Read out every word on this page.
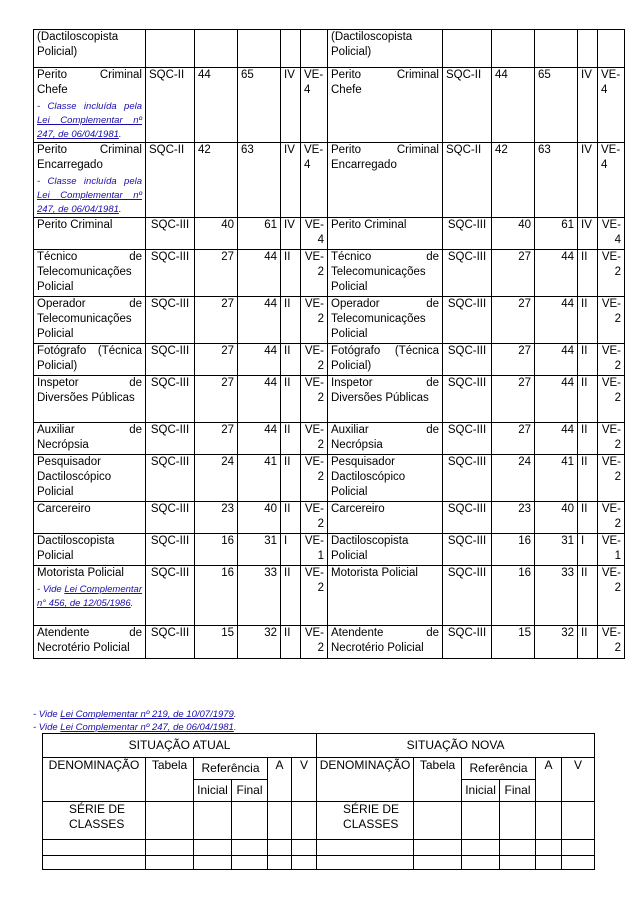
(Dactiloscopista Policial)						(Dactiloscopista Policial)					
Perito Criminal Chefe
- Classe incluída pela Lei Complementar nº 247, de 06/04/1981.	SQC-II	44	65	IV	VE-4	Perito Criminal Chefe	SQC-II	44	65	IV	VE-4
Perito Criminal Encarregado
- Classe incluída pela Lei Complementar nº 247, de 06/04/1981.	SQC-II	42	63	IV	VE-4	Perito Criminal Encarregado	SQC-II	42	63	IV	VE-4
Perito Criminal	SQC-III	40	61	IV	VE-4	Perito Criminal	SQC-III	40	61	IV	VE-4
Técnico de Telecomunicações Policial	SQC-III	27	44	II	VE-2	Técnico de Telecomunicações Policial	SQC-III	27	44	II	VE-2
Operador de Telecomunicações Policial	SQC-III	27	44	II	VE-2	Operador de Telecomunicações Policial	SQC-III	27	44	II	VE-2
Fotógrafo (Técnica Policial)	SQC-III	27	44	II	VE-2	Fotógrafo (Técnica Policial)	SQC-III	27	44	II	VE-2
Inspetor de Diversões Públicas	SQC-III	27	44	II	VE-2	Inspetor de Diversões Públicas	SQC-III	27	44	II	VE-2
Auxiliar de Necrópsia	SQC-III	27	44	II	VE-2	Auxiliar de Necrópsia	SQC-III	27	44	II	VE-2
Pesquisador Dactiloscópico Policial	SQC-III	24	41	II	VE-2	Pesquisador Dactiloscópico Policial	SQC-III	24	41	II	VE-2
Carcereiro	SQC-III	23	40	II	VE-2	Carcereiro	SQC-III	23	40	II	VE-2
Dactiloscopista Policial	SQC-III	16	31	I	VE-1	Dactiloscopista Policial	SQC-III	16	31	I	VE-1
Motorista Policial
- Vide Lei Complementar n° 456, de 12/05/1986.	SQC-III	16	33	II	VE-2	Motorista Policial	SQC-III	16	33	II	VE-2
Atendente de Necrotério Policial	SQC-III	15	32	II	VE-2	Atendente de Necrotério Policial	SQC-III	15	32	II	VE-2
- Vide Lei Complementar nº 219, de 10/07/1979.
- Vide Lei Complementar nº 247, de 06/04/1981.
SITUAÇÃO ATUAL						SITUAÇÃO NOVA					
DENOMINAÇÃO	Tabela	Referência		A	V	DENOMINAÇÃO	Tabela	Referência		A	V
		Inicial	Final					Inicial	Final		
SÉRIE DE CLASSES						SÉRIE DE CLASSES					
